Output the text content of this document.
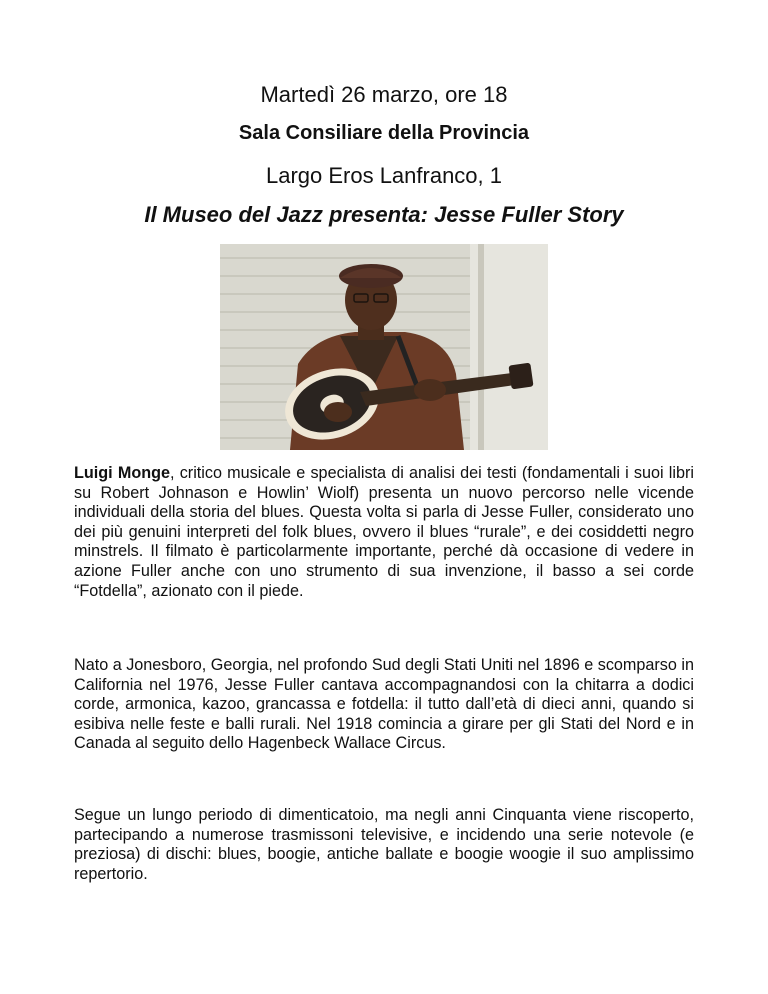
Martedì 26 marzo, ore 18
Sala Consiliare della Provincia
Largo Eros Lanfranco, 1
Il Museo del Jazz presenta: Jesse Fuller Story
Luigi Monge, critico musicale e specialista di analisi dei testi (fondamentali i suoi libri su Robert Johnason e Howlin’ Wiolf) presenta un nuovo percorso nelle vicende individuali della storia del blues. Questa volta si parla di Jesse Fuller, considerato uno dei più genuini interpreti del folk blues, ovvero il blues “rurale”, e dei cosiddetti negro minstrels. Il filmato è particolarmente importante, perché dà occasione di vedere in azione Fuller anche con uno strumento di sua invenzione, il basso a sei corde “Fotdella”, azionato con il piede.
Nato a Jonesboro, Georgia, nel profondo Sud degli Stati Uniti nel 1896 e scomparso in California nel 1976, Jesse Fuller cantava accompagnandosi con la chitarra a dodici corde, armonica, kazoo, grancassa e fotdella: il tutto dall’età di dieci anni, quando si esibiva nelle feste e balli rurali. Nel 1918 comincia a girare per gli Stati del Nord e in Canada al seguito dello Hagenbeck Wallace Circus.
Segue un lungo periodo di dimenticatoio, ma negli anni Cinquanta viene riscoperto, partecipando a numerose trasmissoni televisive, e incidendo una serie notevole (e preziosa) di dischi: blues, boogie, antiche ballate e boogie woogie il suo amplissimo repertorio.
